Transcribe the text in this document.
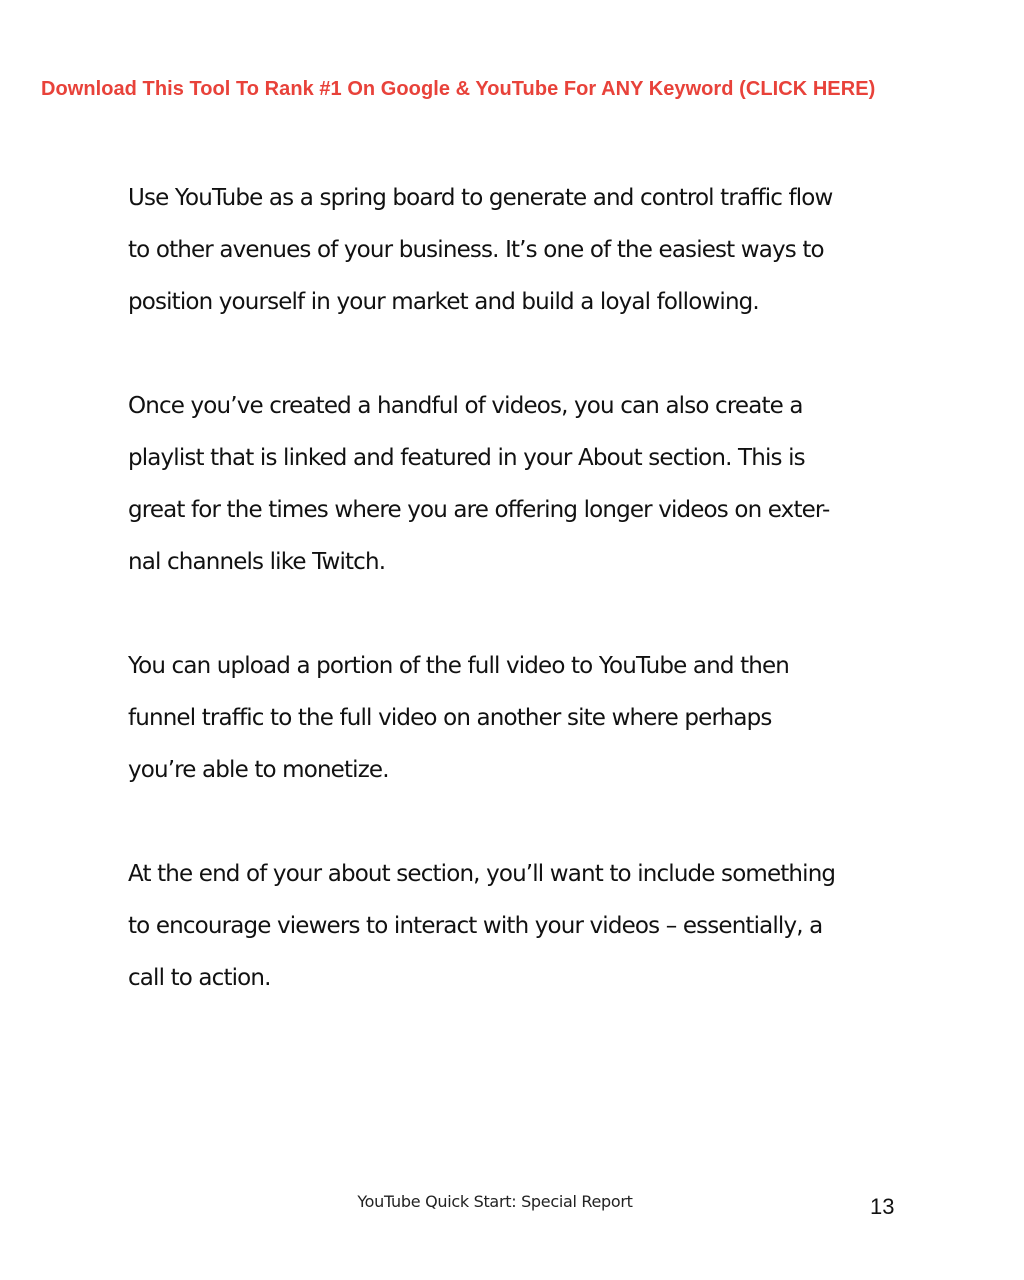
Download This Tool To Rank #1 On Google & YouTube For ANY Keyword (CLICK HERE)
Use YouTube as a spring board to generate and control traffic flow
to other avenues of your business. It’s one of the easiest ways to
position yourself in your market and build a loyal following.
Once you’ve created a handful of videos, you can also create a
playlist that is linked and featured in your About section. This is
great for the times where you are offering longer videos on exter-
nal channels like Twitch.
You can upload a portion of the full video to YouTube and then
funnel traffic to the full video on another site where perhaps
you’re able to monetize.
At the end of your about section, you’ll want to include something
to encourage viewers to interact with your videos – essentially, a
call to action.
YouTube Quick Start: Special Report	13
